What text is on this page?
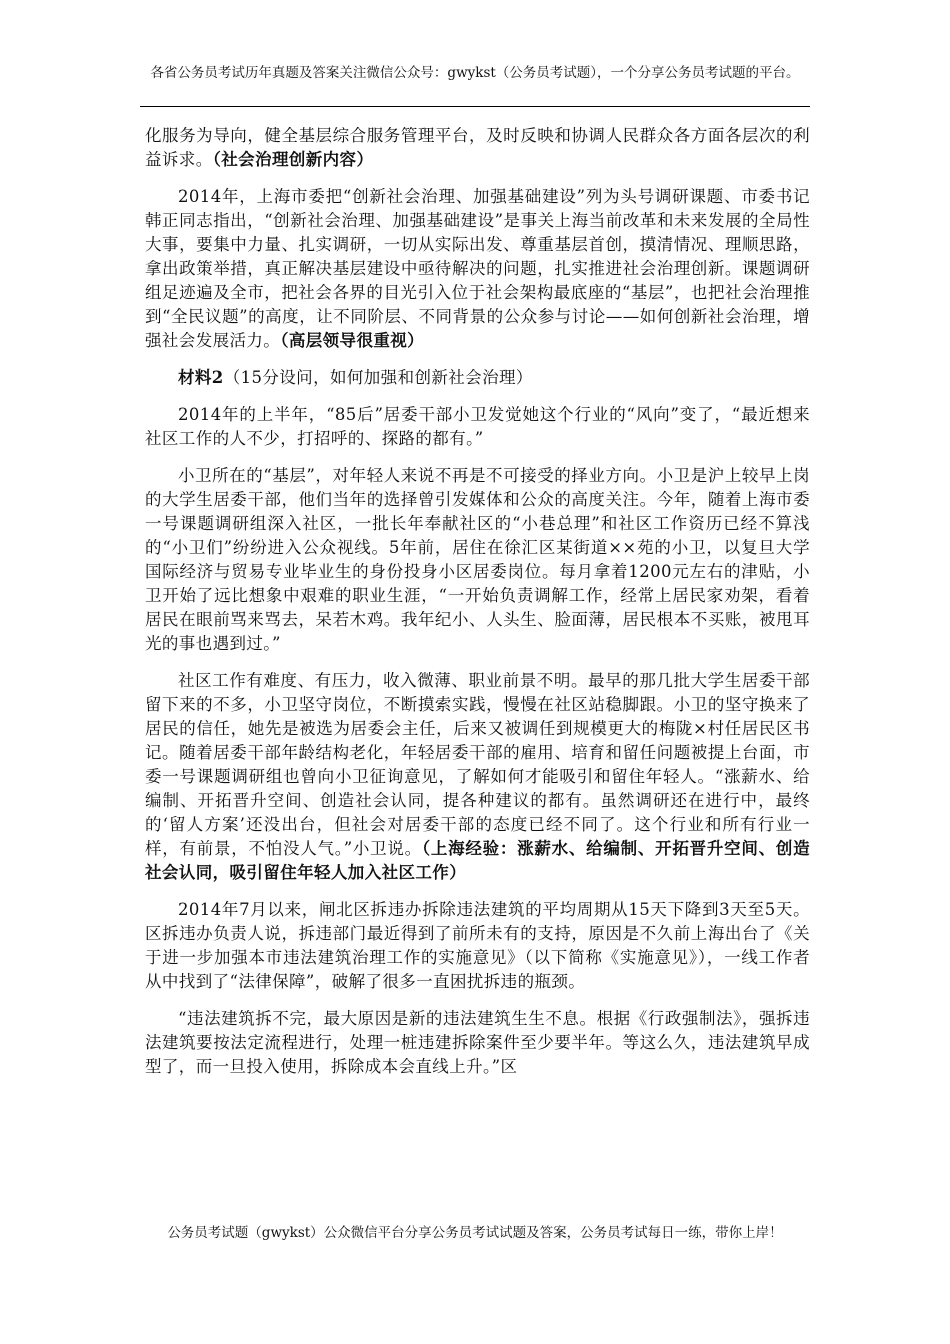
各省公务员考试历年真题及答案关注微信公众号：gwykst（公务员考试题），一个分享公务员考试题的平台。

化服务为导向，健全基层综合服务管理平台，及时反映和协调人民群众各方面各层次的利益诉求。（社会治理创新内容）

2014年，上海市委把“创新社会治理、加强基础建设”列为头号调研课题、市委书记韩正同志指出，“创新社会治理、加强基础建设”是事关上海当前改革和未来发展的全局性大事，要集中力量、扎实调研，一切从实际出发、尊重基层首创，摸清情况、理顺思路，拿出政策举措，真正解决基层建设中亟待解决的问题，扎实推进社会治理创新。课题调研组足迹遍及全市，把社会各界的目光引入位于社会架构最底座的“基层”，也把社会治理推到“全民议题”的高度，让不同阶层、不同背景的公众参与讨论——如何创新社会治理，增强社会发展活力。（高层领导很重视）

材料2（15分设问，如何加强和创新社会治理）

2014年的上半年，“85后”居委干部小卫发觉她这个行业的“风向”变了，“最近想来社区工作的人不少，打招呼的、探路的都有。”

小卫所在的“基层”，对年轻人来说不再是不可接受的择业方向。小卫是沪上较早上岗的大学生居委干部，他们当年的选择曾引发媒体和公众的高度关注。今年，随着上海市委一号课题调研组深入社区，一批长年奉献社区的“小巷总理”和社区工作资历已经不算浅的“小卫们”纷纷进入公众视线。5年前，居住在徐汇区某街道××苑的小卫，以复旦大学国际经济与贸易专业毕业生的身份投身小区居委岗位。每月拿着1200元左右的津贴，小卫开始了远比想象中艰难的职业生涯，“一开始负责调解工作，经常上居民家劝架，看着居民在眼前骂来骂去，呆若木鸡。我年纪小、人头生、脸面薄，居民根本不买账，被甩耳光的事也遇到过。”

社区工作有难度、有压力，收入微薄、职业前景不明。最早的那几批大学生居委干部留下来的不多，小卫坚守岗位，不断摸索实践，慢慢在社区站稳脚跟。小卫的坚守换来了居民的信任，她先是被选为居委会主任，后来又被调任到规模更大的梅陇×村任居民区书记。随着居委干部年龄结构老化，年轻居委干部的雇用、培育和留任问题被提上台面，市委一号课题调研组也曾向小卫征询意见，了解如何才能吸引和留住年轻人。“涨薪水、给编制、开拓晋升空间、创造社会认同，提各种建议的都有。虽然调研还在进行中，最终的‘留人方案’还没出台，但社会对居委干部的态度已经不同了。这个行业和所有行业一样，有前景，不怕没人气。”小卫说。（上海经验：涨薪水、给编制、开拓晋升空间、创造社会认同，吸引留住年轻人加入社区工作）

2014年7月以来，闸北区拆违办拆除违法建筑的平均周期从15天下降到3天至5天。区拆违办负责人说，拆违部门最近得到了前所未有的支持，原因是不久前上海出台了《关于进一步加强本市违法建筑治理工作的实施意见》（以下简称《实施意见》），一线工作者从中找到了“法律保障”，破解了很多一直困扰拆违的瓶颈。

“违法建筑拆不完，最大原因是新的违法建筑生生不息。根据《行政强制法》，强拆违法建筑要按法定流程进行，处理一桩违建拆除案件至少要半年。等这么久，违法建筑早成型了，而一旦投入使用，拆除成本会直线上升。”区

公务员考试题（gwykst）公众微信平台分享公务员考试试题及答案，公务员考试每日一练，带你上岸！
